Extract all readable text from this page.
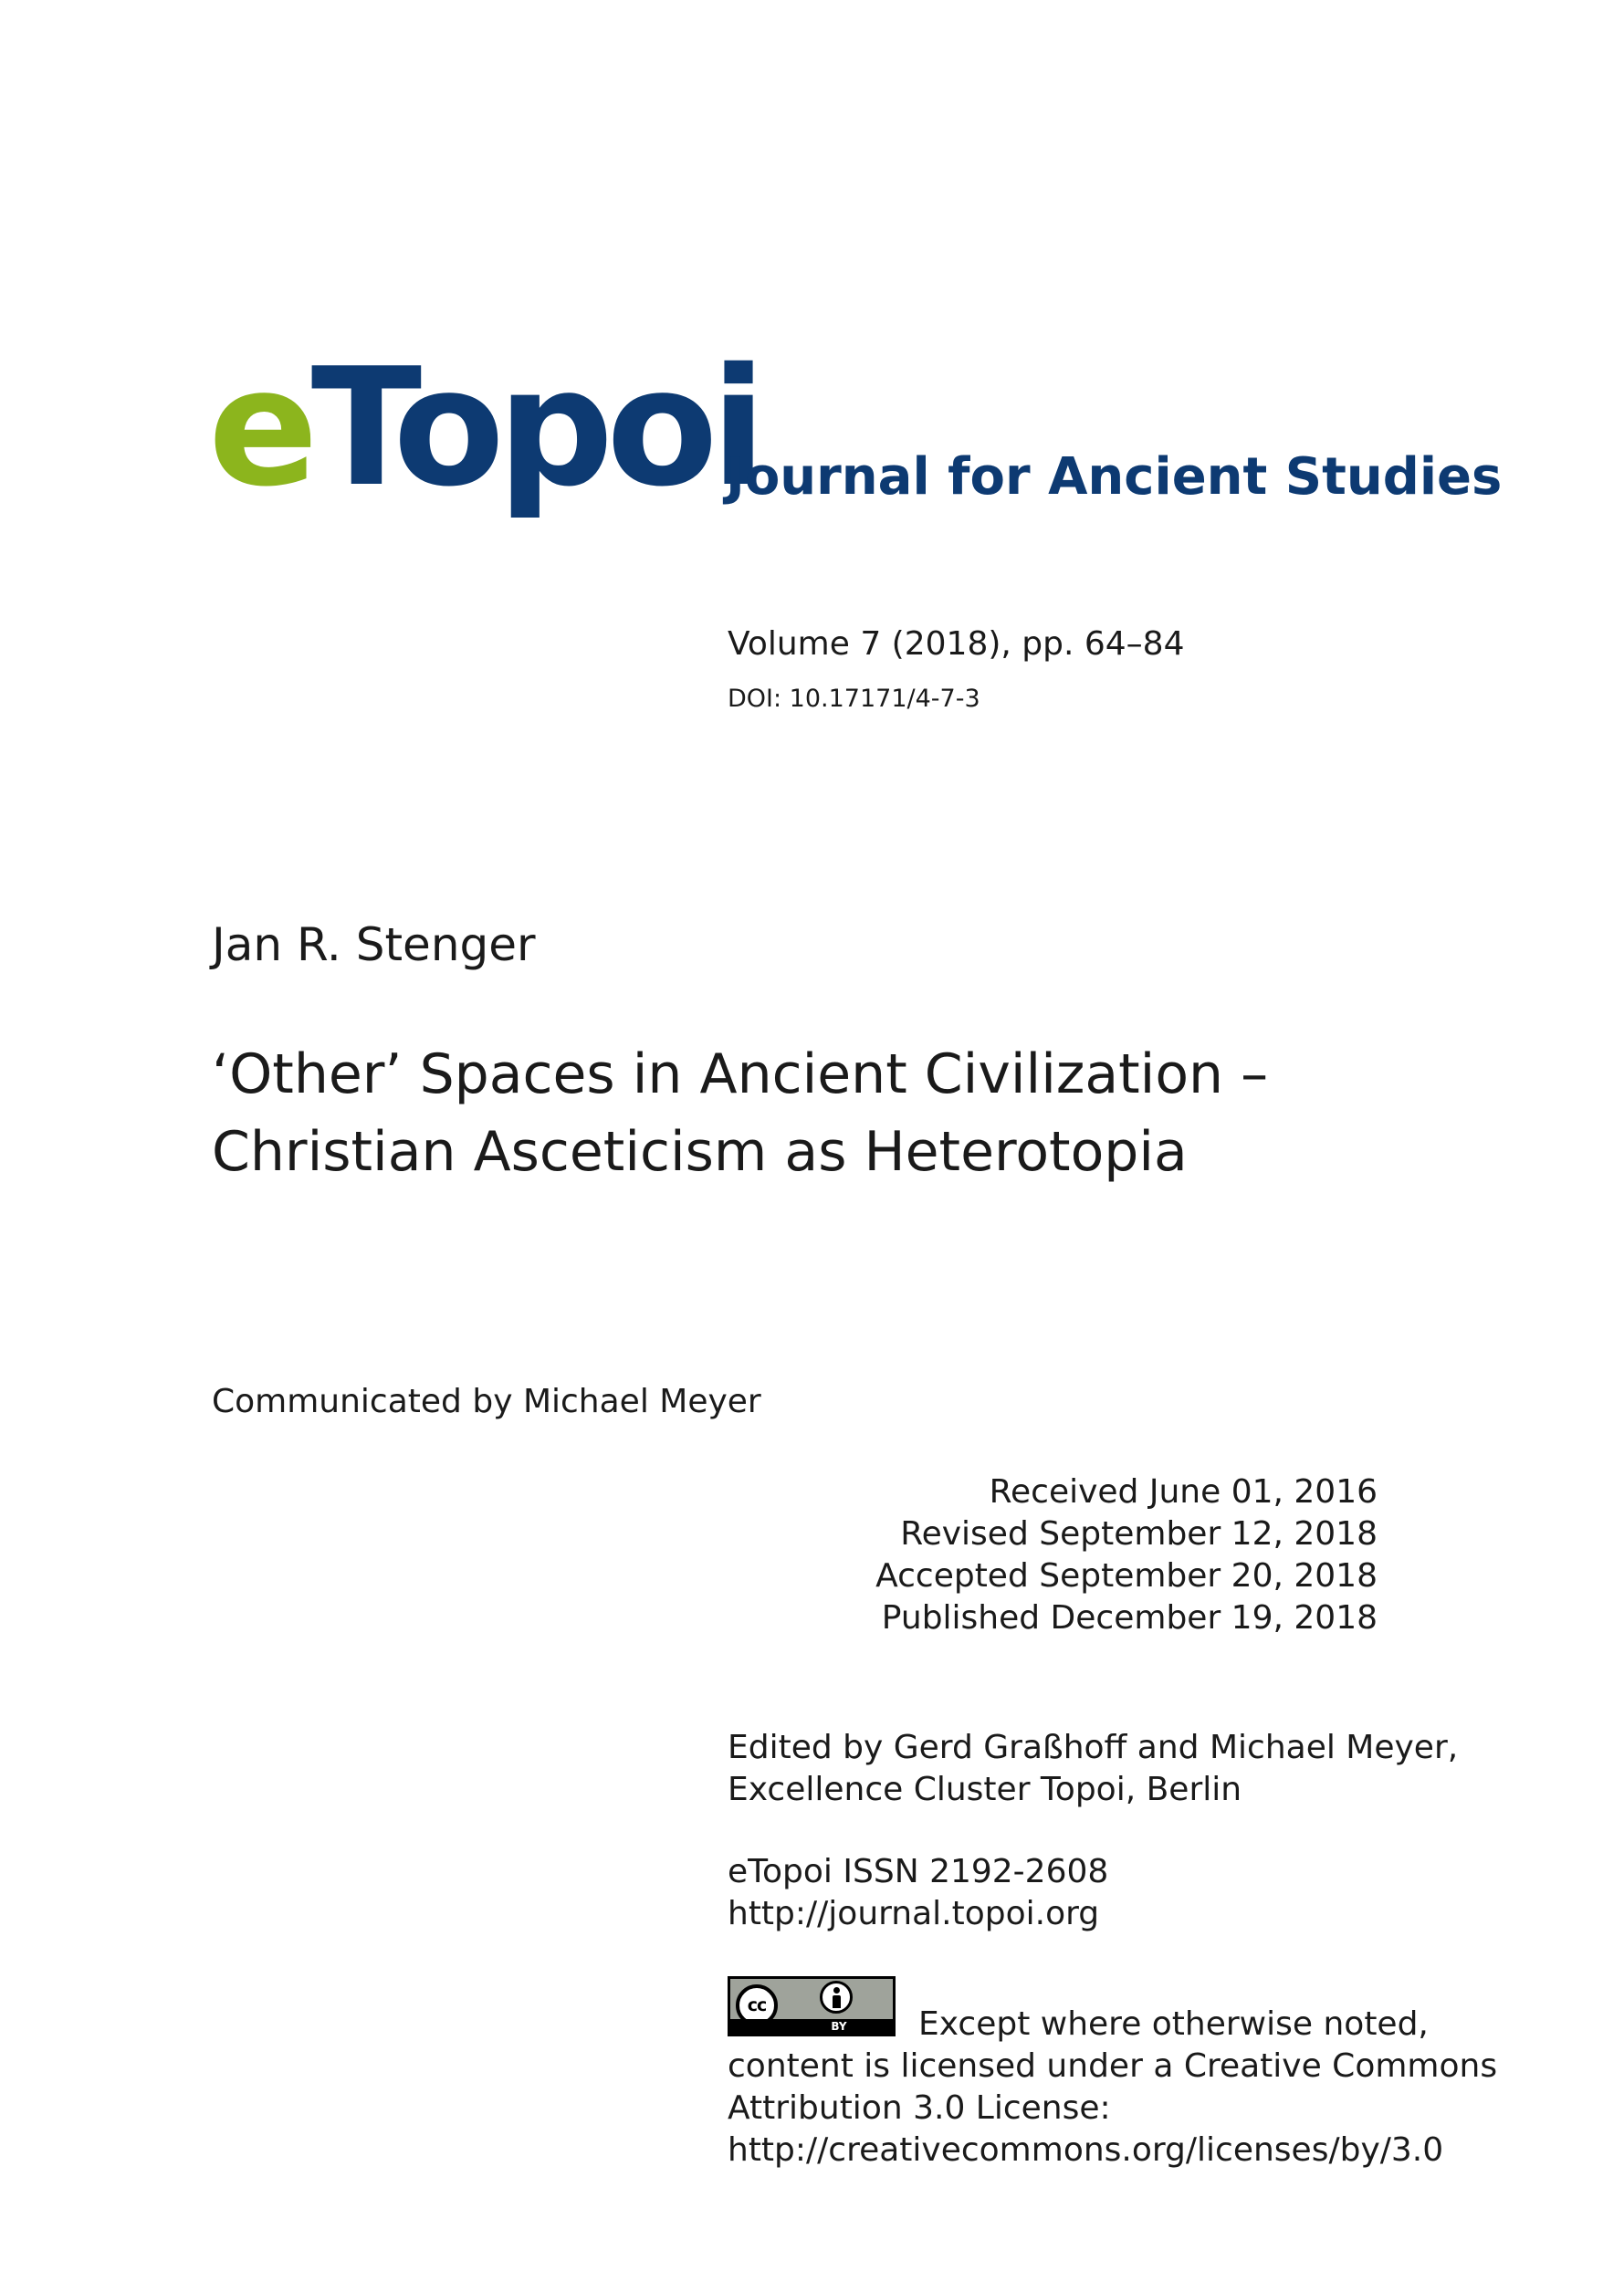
eTopoi
Journal for Ancient Studies
Volume 7 (2018), pp. 64–84
DOI: 10.17171/4-7-3
Jan R. Stenger
‘Other’ Spaces in Ancient Civilization –
Christian Asceticism as Heterotopia
Communicated by Michael Meyer
Received June 01, 2016
Revised September 12, 2018
Accepted September 20, 2018
Published December 19, 2018
Edited by Gerd Graßhoff and Michael Meyer,
Excellence Cluster Topoi, Berlin
eTopoi ISSN 2192-2608
http://journal.topoi.org
cc
BY Except where otherwise noted,
content is licensed under a Creative Commons
Attribution 3.0 License:
http://creativecommons.org/licenses/by/3.0
